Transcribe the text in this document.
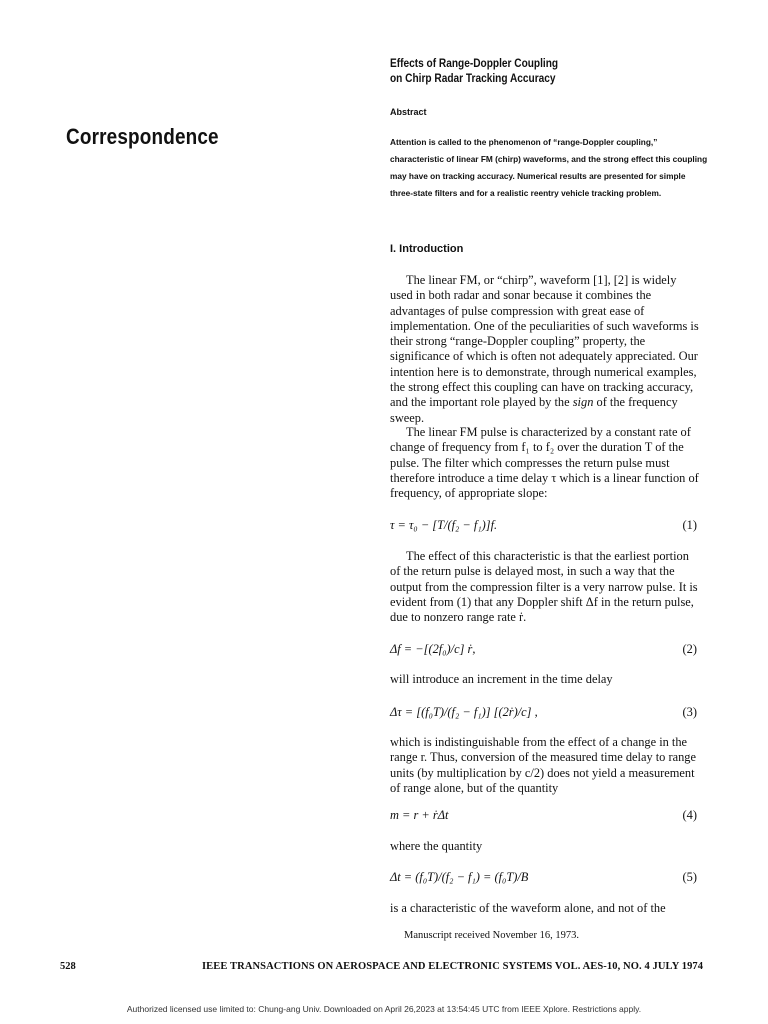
Correspondence
Effects of Range-Doppler Coupling
on Chirp Radar Tracking Accuracy
Abstract

Attention is called to the phenomenon of “range-Doppler coupling,” characteristic of linear FM (chirp) waveforms, and the strong effect this coupling may have on tracking accuracy. Numerical results are presented for simple three-state filters and for a realistic reentry vehicle tracking problem.

I. Introduction

The linear FM, or “chirp”, waveform [1], [2] is widely used in both radar and sonar because it combines the advantages of pulse compression with great ease of implementation. One of the peculiarities of such waveforms is their strong “range-Doppler coupling” property, the significance of which is often not adequately appreciated. Our intention here is to demonstrate, through numerical examples, the strong effect this coupling can have on tracking accuracy, and the important role played by the sign of the frequency sweep.

The linear FM pulse is characterized by a constant rate of change of frequency from f₁ to f₂ over the duration T of the pulse. The filter which compresses the return pulse must therefore introduce a time delay τ which is a linear function of frequency, of appropriate slope:

τ = τ₀ − [T/(f₂ − f₁)]f.	(1)

The effect of this characteristic is that the earliest portion of the return pulse is delayed most, in such a way that the output from the compression filter is a very narrow pulse. It is evident from (1) that any Doppler shift Δf in the return pulse, due to nonzero range rate ṙ.

Δf = −[(2f₀)/c] ṙ,	(2)

will introduce an increment in the time delay

Δτ = [(f₀T)/(f₂ − f₁)] [(2ṙ)/c] ,	(3)

which is indistinguishable from the effect of a change in the range r. Thus, conversion of the measured time delay to range units (by multiplication by c/2) does not yield a measurement of range alone, but of the quantity

m = r + ṙΔt	(4)

where the quantity

Δt = (f₀T)/(f₂ − f₁) = (f₀T)/B	(5)

is a characteristic of the waveform alone, and not of the

Manuscript received November 16, 1973.
528	IEEE TRANSACTIONS ON AEROSPACE AND ELECTRONIC SYSTEMS VOL. AES-10, NO. 4 JULY 1974
Authorized licensed use limited to: Chung-ang Univ. Downloaded on April 26,2023 at 13:54:45 UTC from IEEE Xplore. Restrictions apply.
